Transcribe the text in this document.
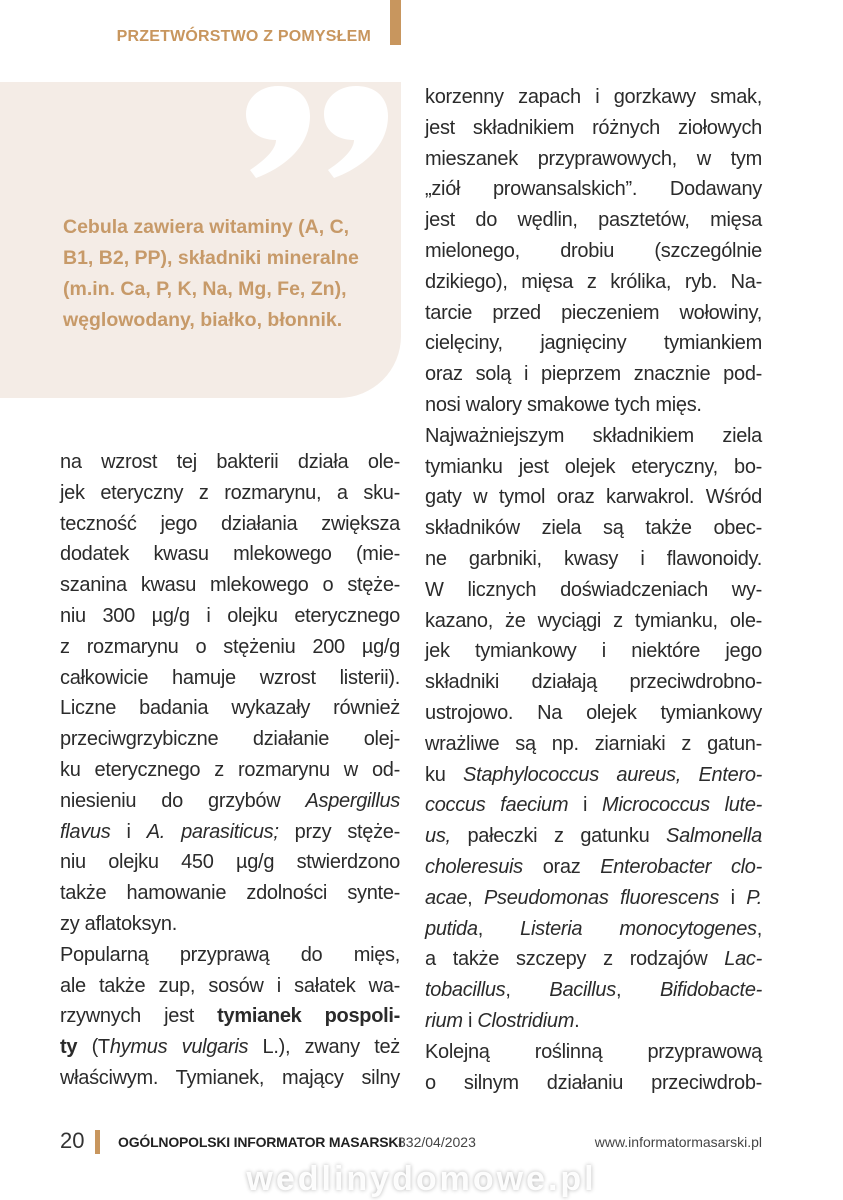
PRZETWÓRSTWO Z POMYSŁEM
Cebula zawiera witaminy (A, C, B1, B2, PP), składniki mineralne (m.in. Ca, P, K, Na, Mg, Fe, Zn), węglowodany, białko, błonnik.
na wzrost tej bakterii działa ole-
jek eteryczny z rozmarynu, a sku-
teczność jego działania zwiększa
dodatek kwasu mlekowego (mie-
szanina kwasu mlekowego o stęże-
niu 300 µg/g i olejku eterycznego
z rozmarynu o stężeniu 200 µg/g
całkowicie hamuje wzrost listerii).
Liczne badania wykazały również
przeciwgrzybiczne działanie olej-
ku eterycznego z rozmarynu w od-
niesieniu do grzybów Aspergillus
flavus i A. parasiticus; przy stęże-
niu olejku 450 µg/g stwierdzono
także hamowanie zdolności synte-
zy aflatoksyn.
Popularną przyprawą do mięs,
ale także zup, sosów i sałatek wa-
rzywnych jest tymianek pospoli-
ty (Thymus vulgaris L.), zwany też
właściwym. Tymianek, mający silny
korzenny zapach i gorzkawy smak,
jest składnikiem różnych ziołowych
mieszanek przyprawowych, w tym
„ziół prowansalskich”. Dodawany
jest do wędlin, pasztetów, mięsa
mielonego, drobiu (szczególnie
dzikiego), mięsa z królika, ryb. Na-
tarcie przed pieczeniem wołowiny,
cielęciny, jagnięciny tymiankiem
oraz solą i pieprzem znacznie pod-
nosi walory smakowe tych mięs.
Najważniejszym składnikiem ziela
tymianku jest olejek eteryczny, bo-
gaty w tymol oraz karwakrol. Wśród
składników ziela są także obec-
ne garbniki, kwasy i flawonoidy.
W licznych doświadczeniach wy-
kazano, że wyciągi z tymianku, ole-
jek tymiankowy i niektóre jego
składniki działają przeciwdrobno-
ustrojowo. Na olejek tymiankowy
wrażliwe są np. ziarniaki z gatun-
ku Staphylococcus aureus, Entero-
coccus faecium i Micrococcus lute-
us, pałeczki z gatunku Salmonella
choleresuis oraz Enterobacter clo-
acae, Pseudomonas fluorescens i P.
putida, Listeria monocytogenes,
a także szczepy z rodzajów Lac-
tobacillus, Bacillus, Bifidobacte-
rium i Clostridium.
Kolejną roślinną przyprawową
o silnym działaniu przeciwdrob-
20 OGÓLNOPOLSKI INFORMATOR MASARSKI
332/04/2023	www.informatormasarski.pl
wedlinydomowe.pl
